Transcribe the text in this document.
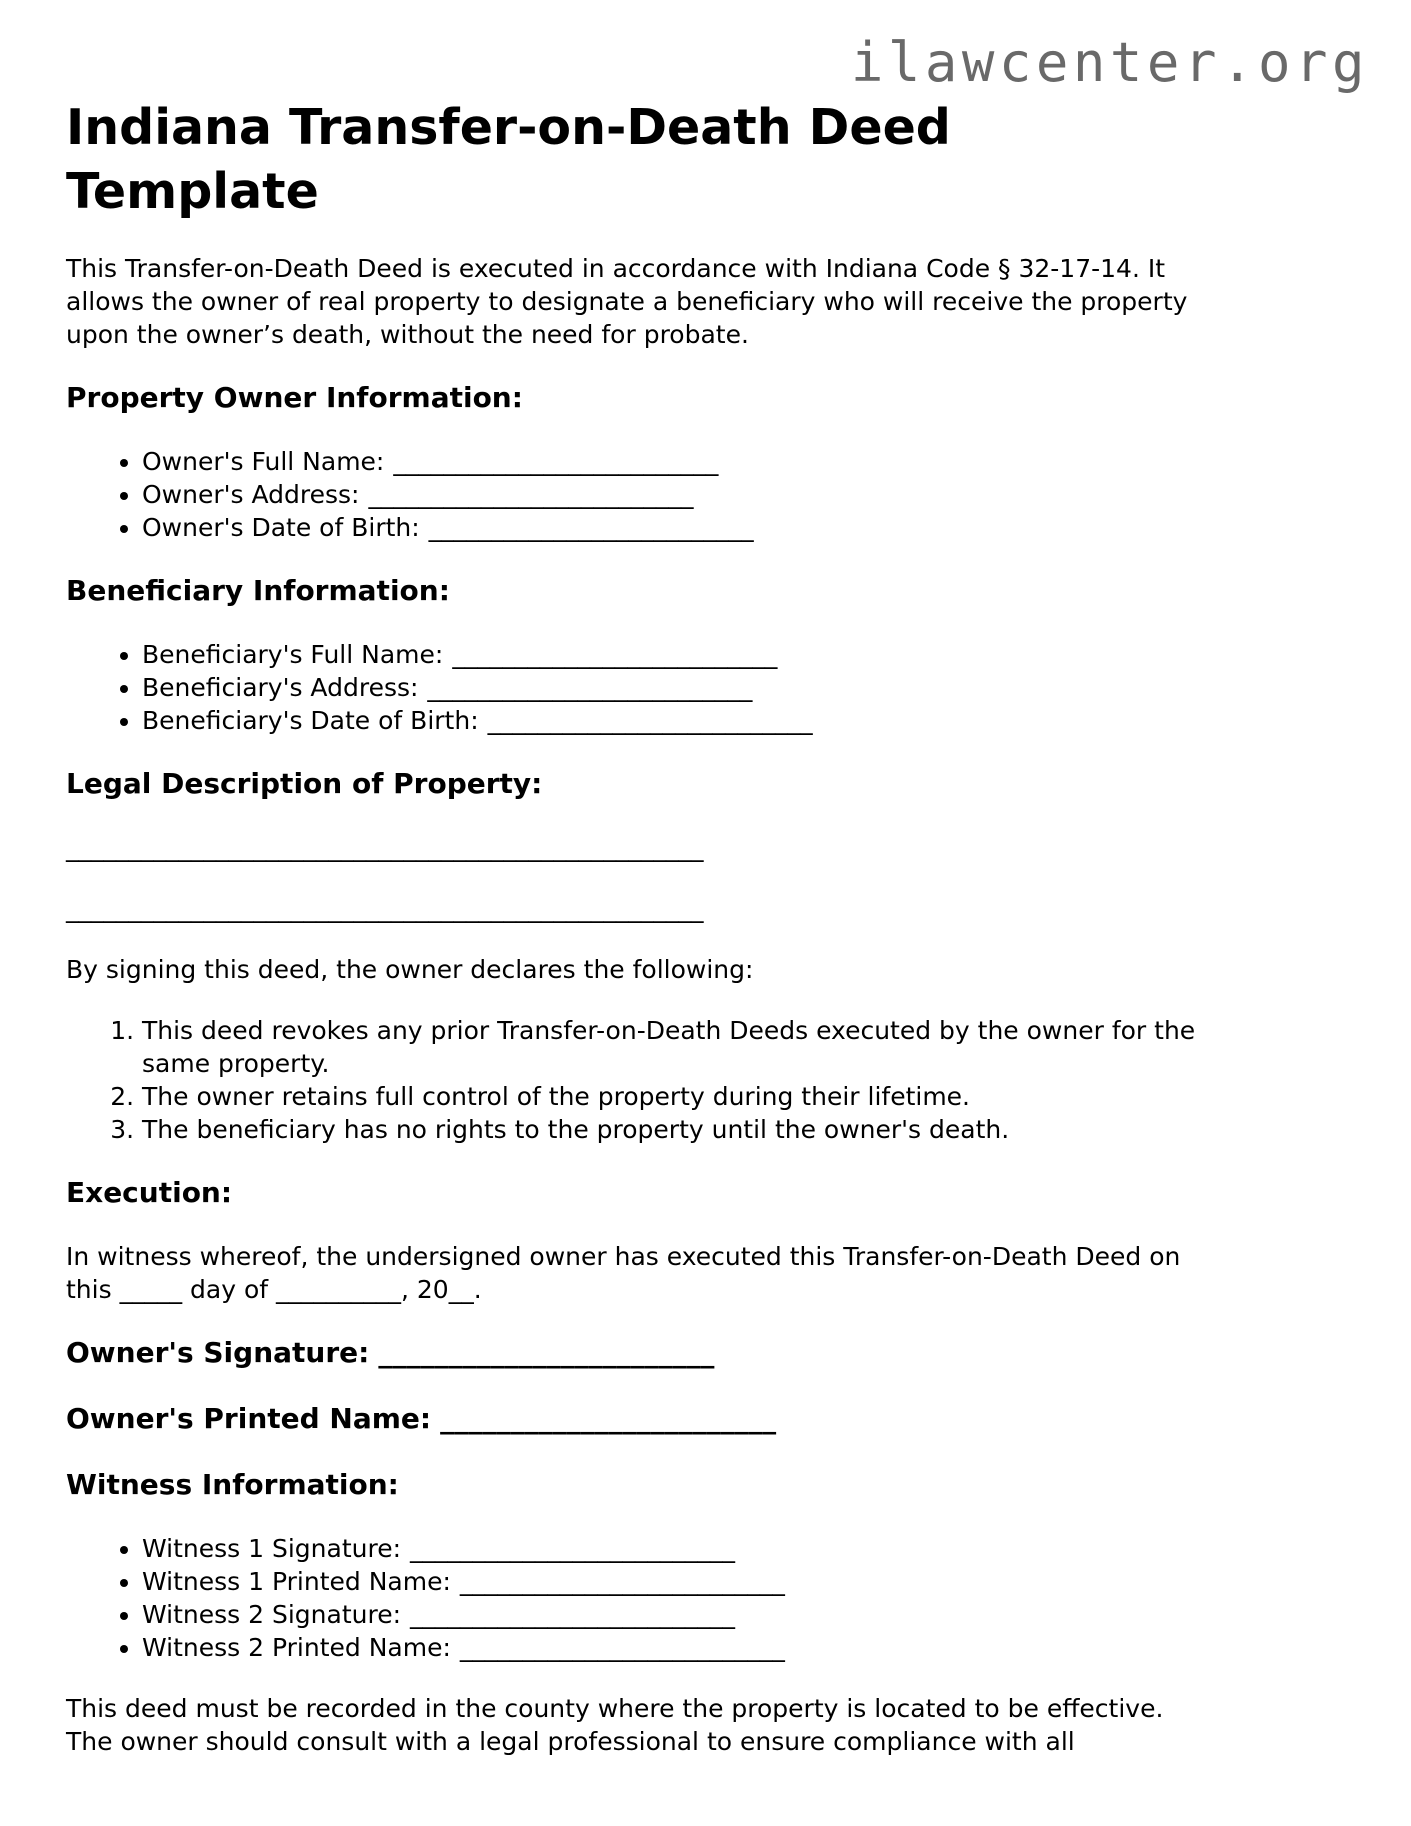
ilawcenter.org
Indiana Transfer-on-Death Deed
Template

This Transfer-on-Death Deed is executed in accordance with Indiana Code § 32-17-14. It
allows the owner of real property to designate a beneficiary who will receive the property
upon the owner’s death, without the need for probate.

Property Owner Information:
• Owner's Full Name: __________________________
• Owner's Address: __________________________
• Owner's Date of Birth: __________________________
Beneficiary Information:
• Beneficiary's Full Name: __________________________
• Beneficiary's Address: __________________________
• Beneficiary's Date of Birth: __________________________
Legal Description of Property:

___________________________________________________

___________________________________________________

By signing this deed, the owner declares the following:

1. This deed revokes any prior Transfer-on-Death Deeds executed by the owner for the
same property.
2. The owner retains full control of the property during their lifetime.
3. The beneficiary has no rights to the property until the owner's death.
Execution:

In witness whereof, the undersigned owner has executed this Transfer-on-Death Deed on
this _____ day of __________, 20__.

Owner's Signature: ________________________
Owner's Printed Name: ________________________
Witness Information:
• Witness 1 Signature: __________________________
• Witness 1 Printed Name: __________________________
• Witness 2 Signature: __________________________
• Witness 2 Printed Name: __________________________

This deed must be recorded in the county where the property is located to be effective.
The owner should consult with a legal professional to ensure compliance with all
